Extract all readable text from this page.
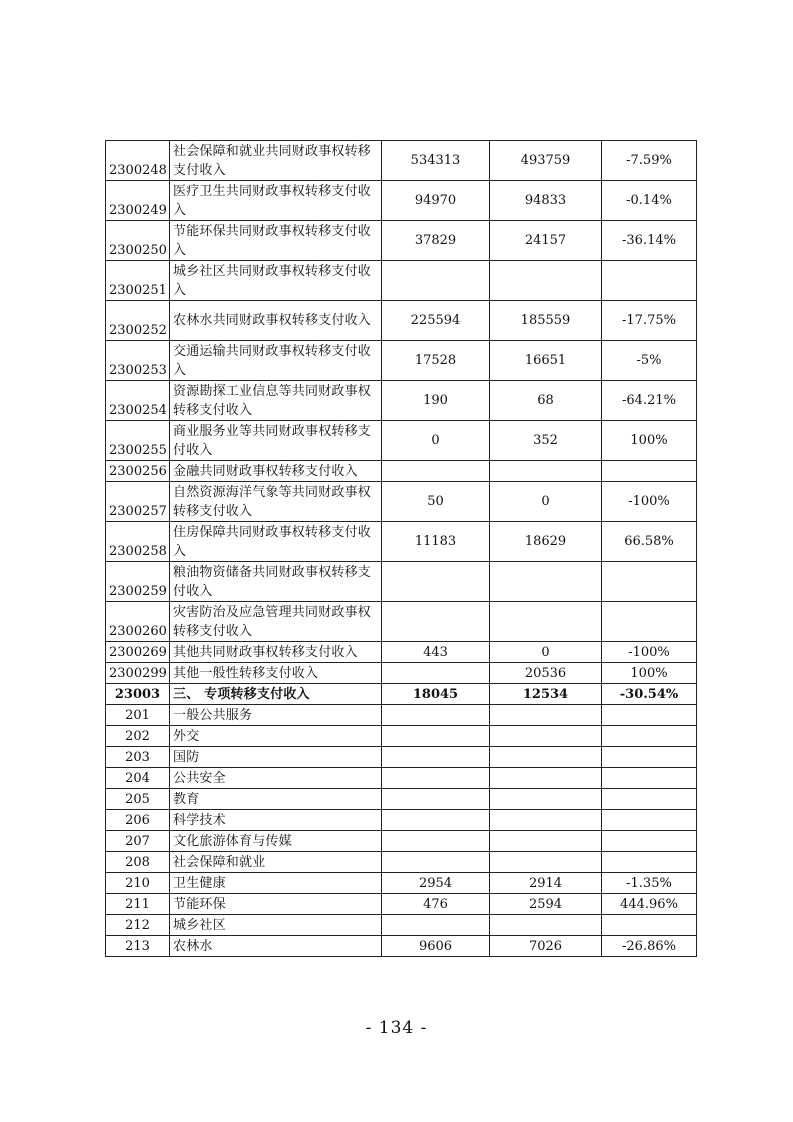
2300248	社会保障和就业共同财政事权转移支付收入	534313	493759	-7.59%
2300249	医疗卫生共同财政事权转移支付收入	94970	94833	-0.14%
2300250	节能环保共同财政事权转移支付收入	37829	24157	-36.14%
2300251	城乡社区共同财政事权转移支付收入			
2300252	农林水共同财政事权转移支付收入	225594	185559	-17.75%
2300253	交通运输共同财政事权转移支付收入	17528	16651	-5%
2300254	资源勘探工业信息等共同财政事权转移支付收入	190	68	-64.21%
2300255	商业服务业等共同财政事权转移支付收入	0	352	100%
2300256	金融共同财政事权转移支付收入			
2300257	自然资源海洋气象等共同财政事权转移支付收入	50	0	-100%
2300258	住房保障共同财政事权转移支付收入	11183	18629	66.58%
2300259	粮油物资储备共同财政事权转移支付收入			
2300260	灾害防治及应急管理共同财政事权转移支付收入			
2300269	其他共同财政事权转移支付收入	443	0	-100%
2300299	其他一般性转移支付收入		20536	100%
23003	三、 专项转移支付收入	18045	12534	-30.54%
201	一般公共服务			
202	外交			
203	国防			
204	公共安全			
205	教育			
206	科学技术			
207	文化旅游体育与传媒			
208	社会保障和就业			
210	卫生健康	2954	2914	-1.35%
211	节能环保	476	2594	444.96%
212	城乡社区			
213	农林水	9606	7026	-26.86%
- 134 -
